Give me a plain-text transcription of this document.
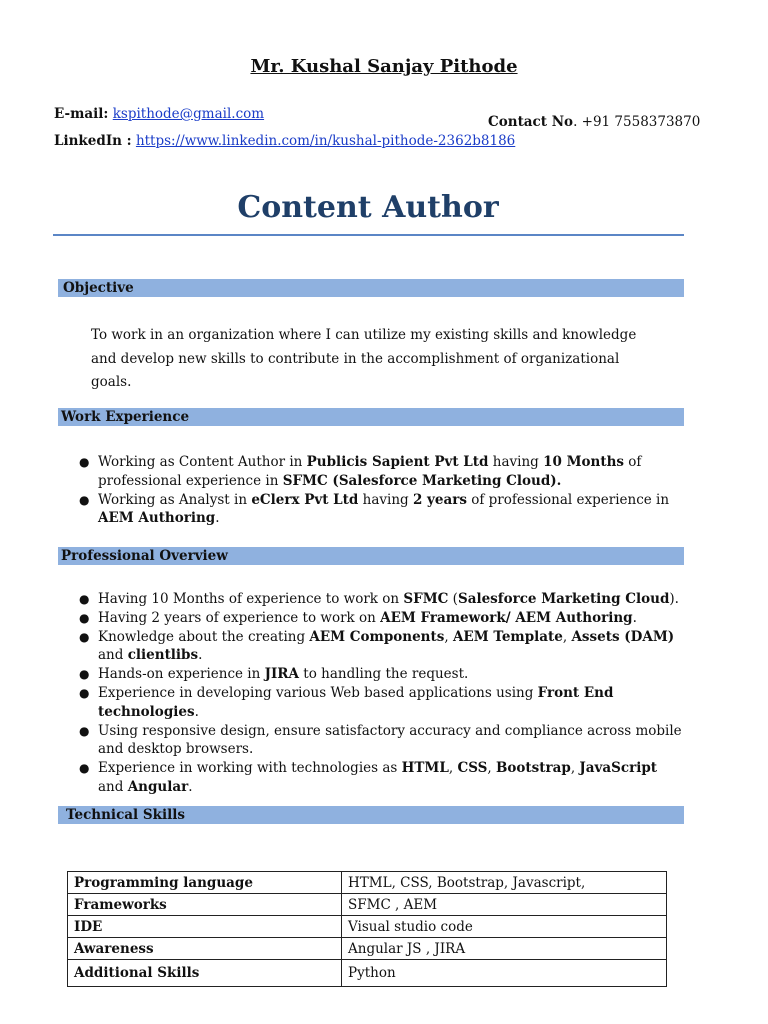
Mr. Kushal Sanjay Pithode
E-mail: kspithode@gmail.com	Contact No. +91 7558373870
LinkedIn : https://www.linkedin.com/in/kushal-pithode-2362b8186
Content Author
Objective
To work in an organization where I can utilize my existing skills and knowledge
and develop new skills to contribute in the accomplishment of organizational
goals.
Work Experience
● Working as Content Author in Publicis Sapient Pvt Ltd having 10 Months of professional experience in SFMC (Salesforce Marketing Cloud).
● Working as Analyst in eClerx Pvt Ltd having 2 years of professional experience in AEM Authoring.
Professional Overview
● Having 10 Months of experience to work on SFMC (Salesforce Marketing Cloud).
● Having 2 years of experience to work on AEM Framework/ AEM Authoring.
● Knowledge about the creating AEM Components, AEM Template, Assets (DAM) and clientlibs.
● Hands-on experience in JIRA to handling the request.
● Experience in developing various Web based applications using Front End technologies.
● Using responsive design, ensure satisfactory accuracy and compliance across mobile and desktop browsers.
● Experience in working with technologies as HTML, CSS, Bootstrap, JavaScript and Angular.
Technical Skills
Programming language	HTML, CSS, Bootstrap, Javascript,
Frameworks	SFMC , AEM
IDE	Visual studio code
Awareness	Angular JS , JIRA
Additional Skills	Python
